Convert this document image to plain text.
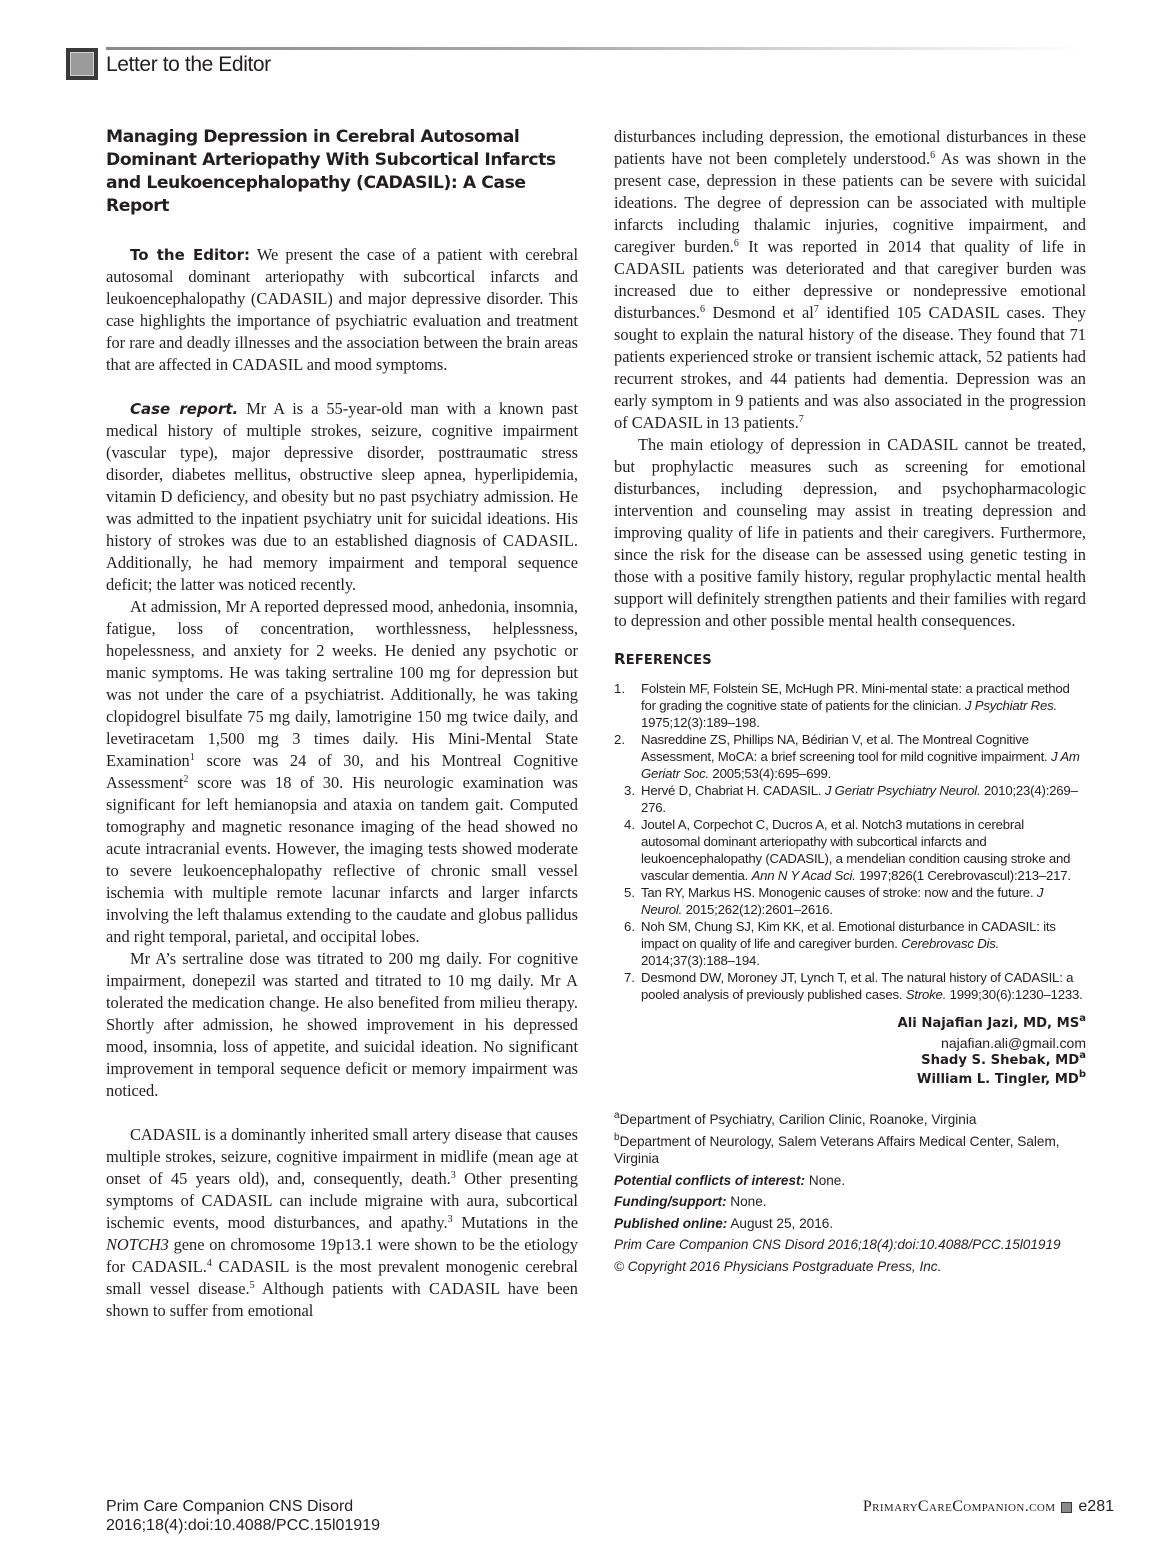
Letter to the Editor
Managing Depression in Cerebral Autosomal Dominant Arteriopathy With Subcortical Infarcts and Leukoencephalopathy (CADASIL): A Case Report

To the Editor: We present the case of a patient with cerebral autosomal dominant arteriopathy with subcortical infarcts and leukoencephalopathy (CADASIL) and major depressive disorder. This case highlights the importance of psychiatric evaluation and treatment for rare and deadly illnesses and the association between the brain areas that are affected in CADASIL and mood symptoms.

Case report. Mr A is a 55-year-old man with a known past medical history of multiple strokes, seizure, cognitive impairment (vascular type), major depressive disorder, posttraumatic stress disorder, diabetes mellitus, obstructive sleep apnea, hyperlipidemia, vitamin D deficiency, and obesity but no past psychiatry admission. He was admitted to the inpatient psychiatry unit for suicidal ideations. His history of strokes was due to an established diagnosis of CADASIL. Additionally, he had memory impairment and temporal sequence deficit; the latter was noticed recently.

At admission, Mr A reported depressed mood, anhedonia, insomnia, fatigue, loss of concentration, worthlessness, helplessness, hopelessness, and anxiety for 2 weeks. He denied any psychotic or manic symptoms. He was taking sertraline 100 mg for depression but was not under the care of a psychiatrist. Additionally, he was taking clopidogrel bisulfate 75 mg daily, lamotrigine 150 mg twice daily, and levetiracetam 1,500 mg 3 times daily. His Mini-Mental State Examination$^1$ score was 24 of 30, and his Montreal Cognitive Assessment$^2$ score was 18 of 30. His neurologic examination was significant for left hemianopsia and ataxia on tandem gait. Computed tomography and magnetic resonance imaging of the head showed no acute intracranial events. However, the imaging tests showed moderate to severe leukoencephalopathy reflective of chronic small vessel ischemia with multiple remote lacunar infarcts and larger infarcts involving the left thalamus extending to the caudate and globus pallidus and right temporal, parietal, and occipital lobes.

Mr A’s sertraline dose was titrated to 200 mg daily. For cognitive impairment, donepezil was started and titrated to 10 mg daily. Mr A tolerated the medication change. He also benefited from milieu therapy. Shortly after admission, he showed improvement in his depressed mood, insomnia, loss of appetite, and suicidal ideation. No significant improvement in temporal sequence deficit or memory impairment was noticed.

CADASIL is a dominantly inherited small artery disease that causes multiple strokes, seizure, cognitive impairment in midlife (mean age at onset of 45 years old), and, consequently, death.$^3$ Other presenting symptoms of CADASIL can include migraine with aura, subcortical ischemic events, mood disturbances, and apathy.$^3$ Mutations in the NOTCH3 gene on chromosome 19p13.1 were shown to be the etiology for CADASIL.$^4$ CADASIL is the most prevalent monogenic cerebral small vessel disease.$^5$ Although patients with CADASIL have been shown to suffer from emotional

disturbances including depression, the emotional disturbances in these patients have not been completely understood.$^6$ As was shown in the present case, depression in these patients can be severe with suicidal ideations. The degree of depression can be associated with multiple infarcts including thalamic injuries, cognitive impairment, and caregiver burden.$^6$ It was reported in 2014 that quality of life in CADASIL patients was deteriorated and that caregiver burden was increased due to either depressive or nondepressive emotional disturbances.$^6$ Desmond et $al^7$ identified 105 CADASIL cases. They sought to explain the natural history of the disease. They found that 71 patients experienced stroke or transient ischemic attack, 52 patients had recurrent strokes, and 44 patients had dementia. Depression was an early symptom in 9 patients and was also associated in the progression of CADASIL in 13 patients.$^7$

The main etiology of depression in CADASIL cannot be treated, but prophylactic measures such as screening for emotional disturbances, including depression, and psychopharmacologic intervention and counseling may assist in treating depression and improving quality of life in patients and their caregivers. Furthermore, since the risk for the disease can be assessed using genetic testing in those with a positive family history, regular prophylactic mental health support will definitely strengthen patients and their families with regard to depression and other possible mental health consequences.

REFERENCES
1.	Folstein MF, Folstein SE, McHugh PR. Mini-mental state: a practical method for grading the cognitive state of patients for the clinician. J Psychiatr Res. 1975;12(3):189–198.
2.	Nasreddine ZS, Phillips NA, Bédirian V, et al. The Montreal Cognitive Assessment, MoCA: a brief screening tool for mild cognitive impairment. J Am Geriatr Soc. 2005;53(4):695–699.
3. Hervé D, Chabriat H. CADASIL. J Geriatr Psychiatry Neurol. 2010;23(4):269–276.
4. Joutel A, Corpechot C, Ducros A, et al. Notch3 mutations in cerebral autosomal dominant arteriopathy with subcortical infarcts and leukoencephalopathy (CADASIL), a mendelian condition causing stroke and vascular dementia. Ann N Y Acad Sci. 1997;826(1 Cerebrovascul):213–217.
5. Tan RY, Markus HS. Monogenic causes of stroke: now and the future. J Neurol. 2015;262(12):2601–2616.
6. Noh SM, Chung SJ, Kim KK, et al. Emotional disturbance in CADASIL: its impact on quality of life and caregiver burden. Cerebrovasc Dis. 2014;37(3):188–194.
7. Desmond DW, Moroney JT, Lynch T, et al. The natural history of CADASIL: a pooled analysis of previously published cases. Stroke. 1999;30(6):1230–1233.
Ali Najafian Jazi, MD, $MS^a$
najafian.ali@gmail.com
Shady S. Shebak, $MD^a$
William L. Tingler, $MD^b$
$^a$Department of Psychiatry, Carilion Clinic, Roanoke, Virginia
$^b$Department of Neurology, Salem Veterans Affairs Medical Center, Salem, Virginia
Potential conflicts of interest: None.
Funding/support: None.
Published online: August 25, 2016.
Prim Care Companion CNS Disord 2016;18(4):doi:10.4088/PCC.15l01919
© Copyright 2016 Physicians Postgraduate Press, Inc.
Prim Care Companion CNS Disord
2016;18(4):doi:10.4088/PCC.15l01919
PrimaryCareCompanion.com e281
